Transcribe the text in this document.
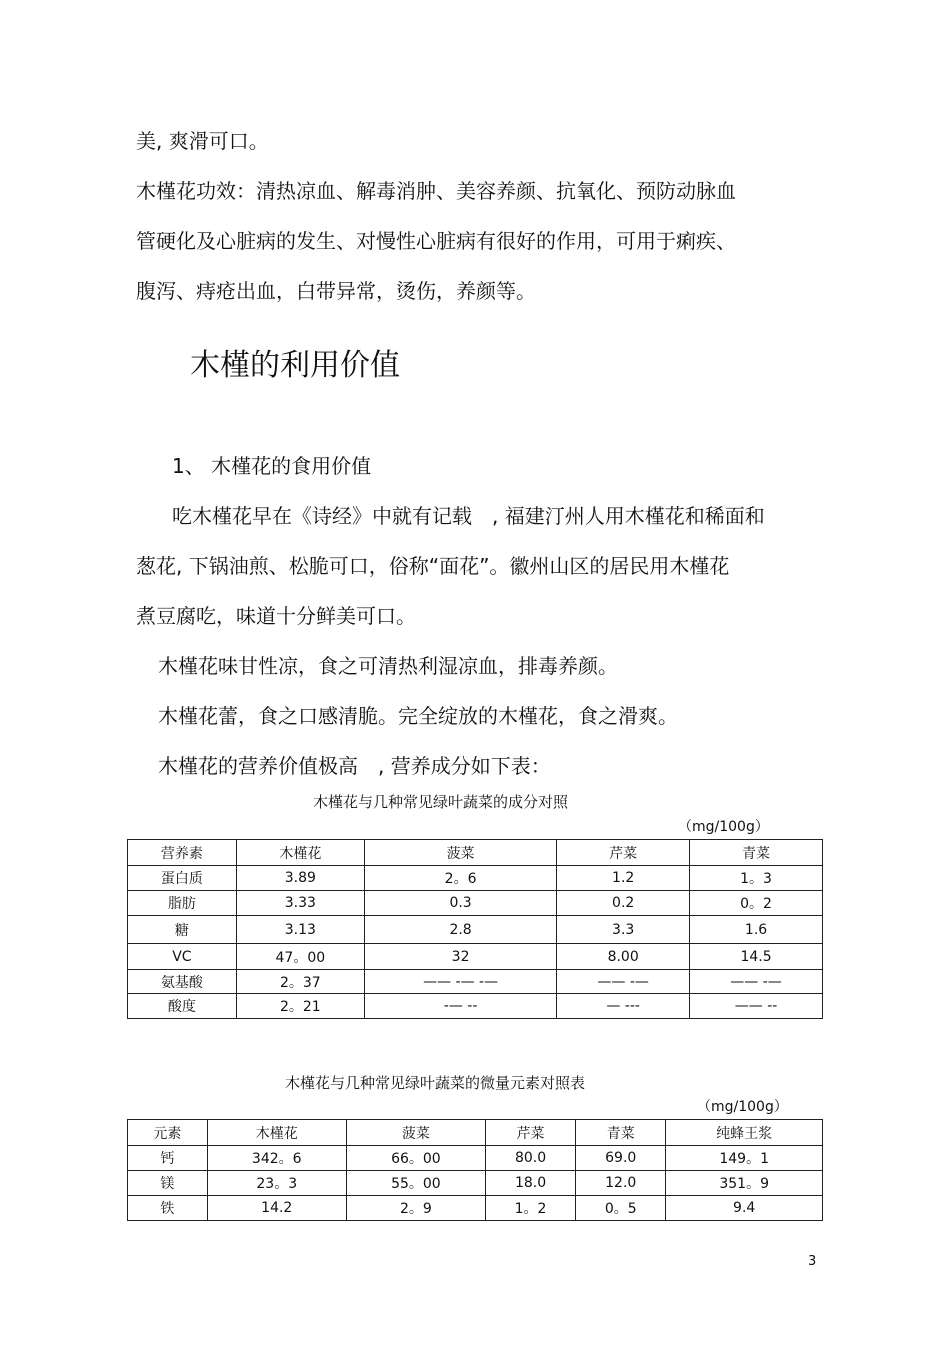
美, 爽滑可口。
木槿花功效：清热凉血、解毒消肿、美容养颜、抗氧化、预防动脉血
管硬化及心脏病的发生、对慢性心脏病有很好的作用，可用于痢疾、
腹泻、痔疮出血，白带异常，烫伤，养颜等。
木槿的利用价值
1、 木槿花的食用价值
吃木槿花早在《诗经》中就有记载　, 福建汀州人用木槿花和稀面和
葱花, 下锅油煎、松脆可口，俗称“面花”。徽州山区的居民用木槿花
煮豆腐吃，味道十分鲜美可口。
木槿花味甘性凉，食之可清热利湿凉血，排毒养颜。
木槿花蕾，食之口感清脆。完全绽放的木槿花，食之滑爽。
木槿花的营养价值极高　, 营养成分如下表：
木槿花与几种常见绿叶蔬菜的成分对照
（mg/100g）
营养素	木槿花	菠菜	芹菜	青菜
蛋白质	3.89	2。6	1.2	1。3
脂肪	3.33	0.3	0.2	0。2
糖	3.13	2.8	3.3	1.6
VC	47。00	32	8.00	14.5
氨基酸	2。37	—— -— -—	—— -—	—— -—
酸度	2。21	-— --	— ---	—— --
木槿花与几种常见绿叶蔬菜的微量元素对照表
（mg/100g）
元素	木槿花	菠菜	芹菜	青菜	纯蜂王浆
钙	342。6	66。00	80.0	69.0	149。1
镁	23。3	55。00	18.0	12.0	351。9
铁	14.2	2。9	1。2	0。5	9.4
3
